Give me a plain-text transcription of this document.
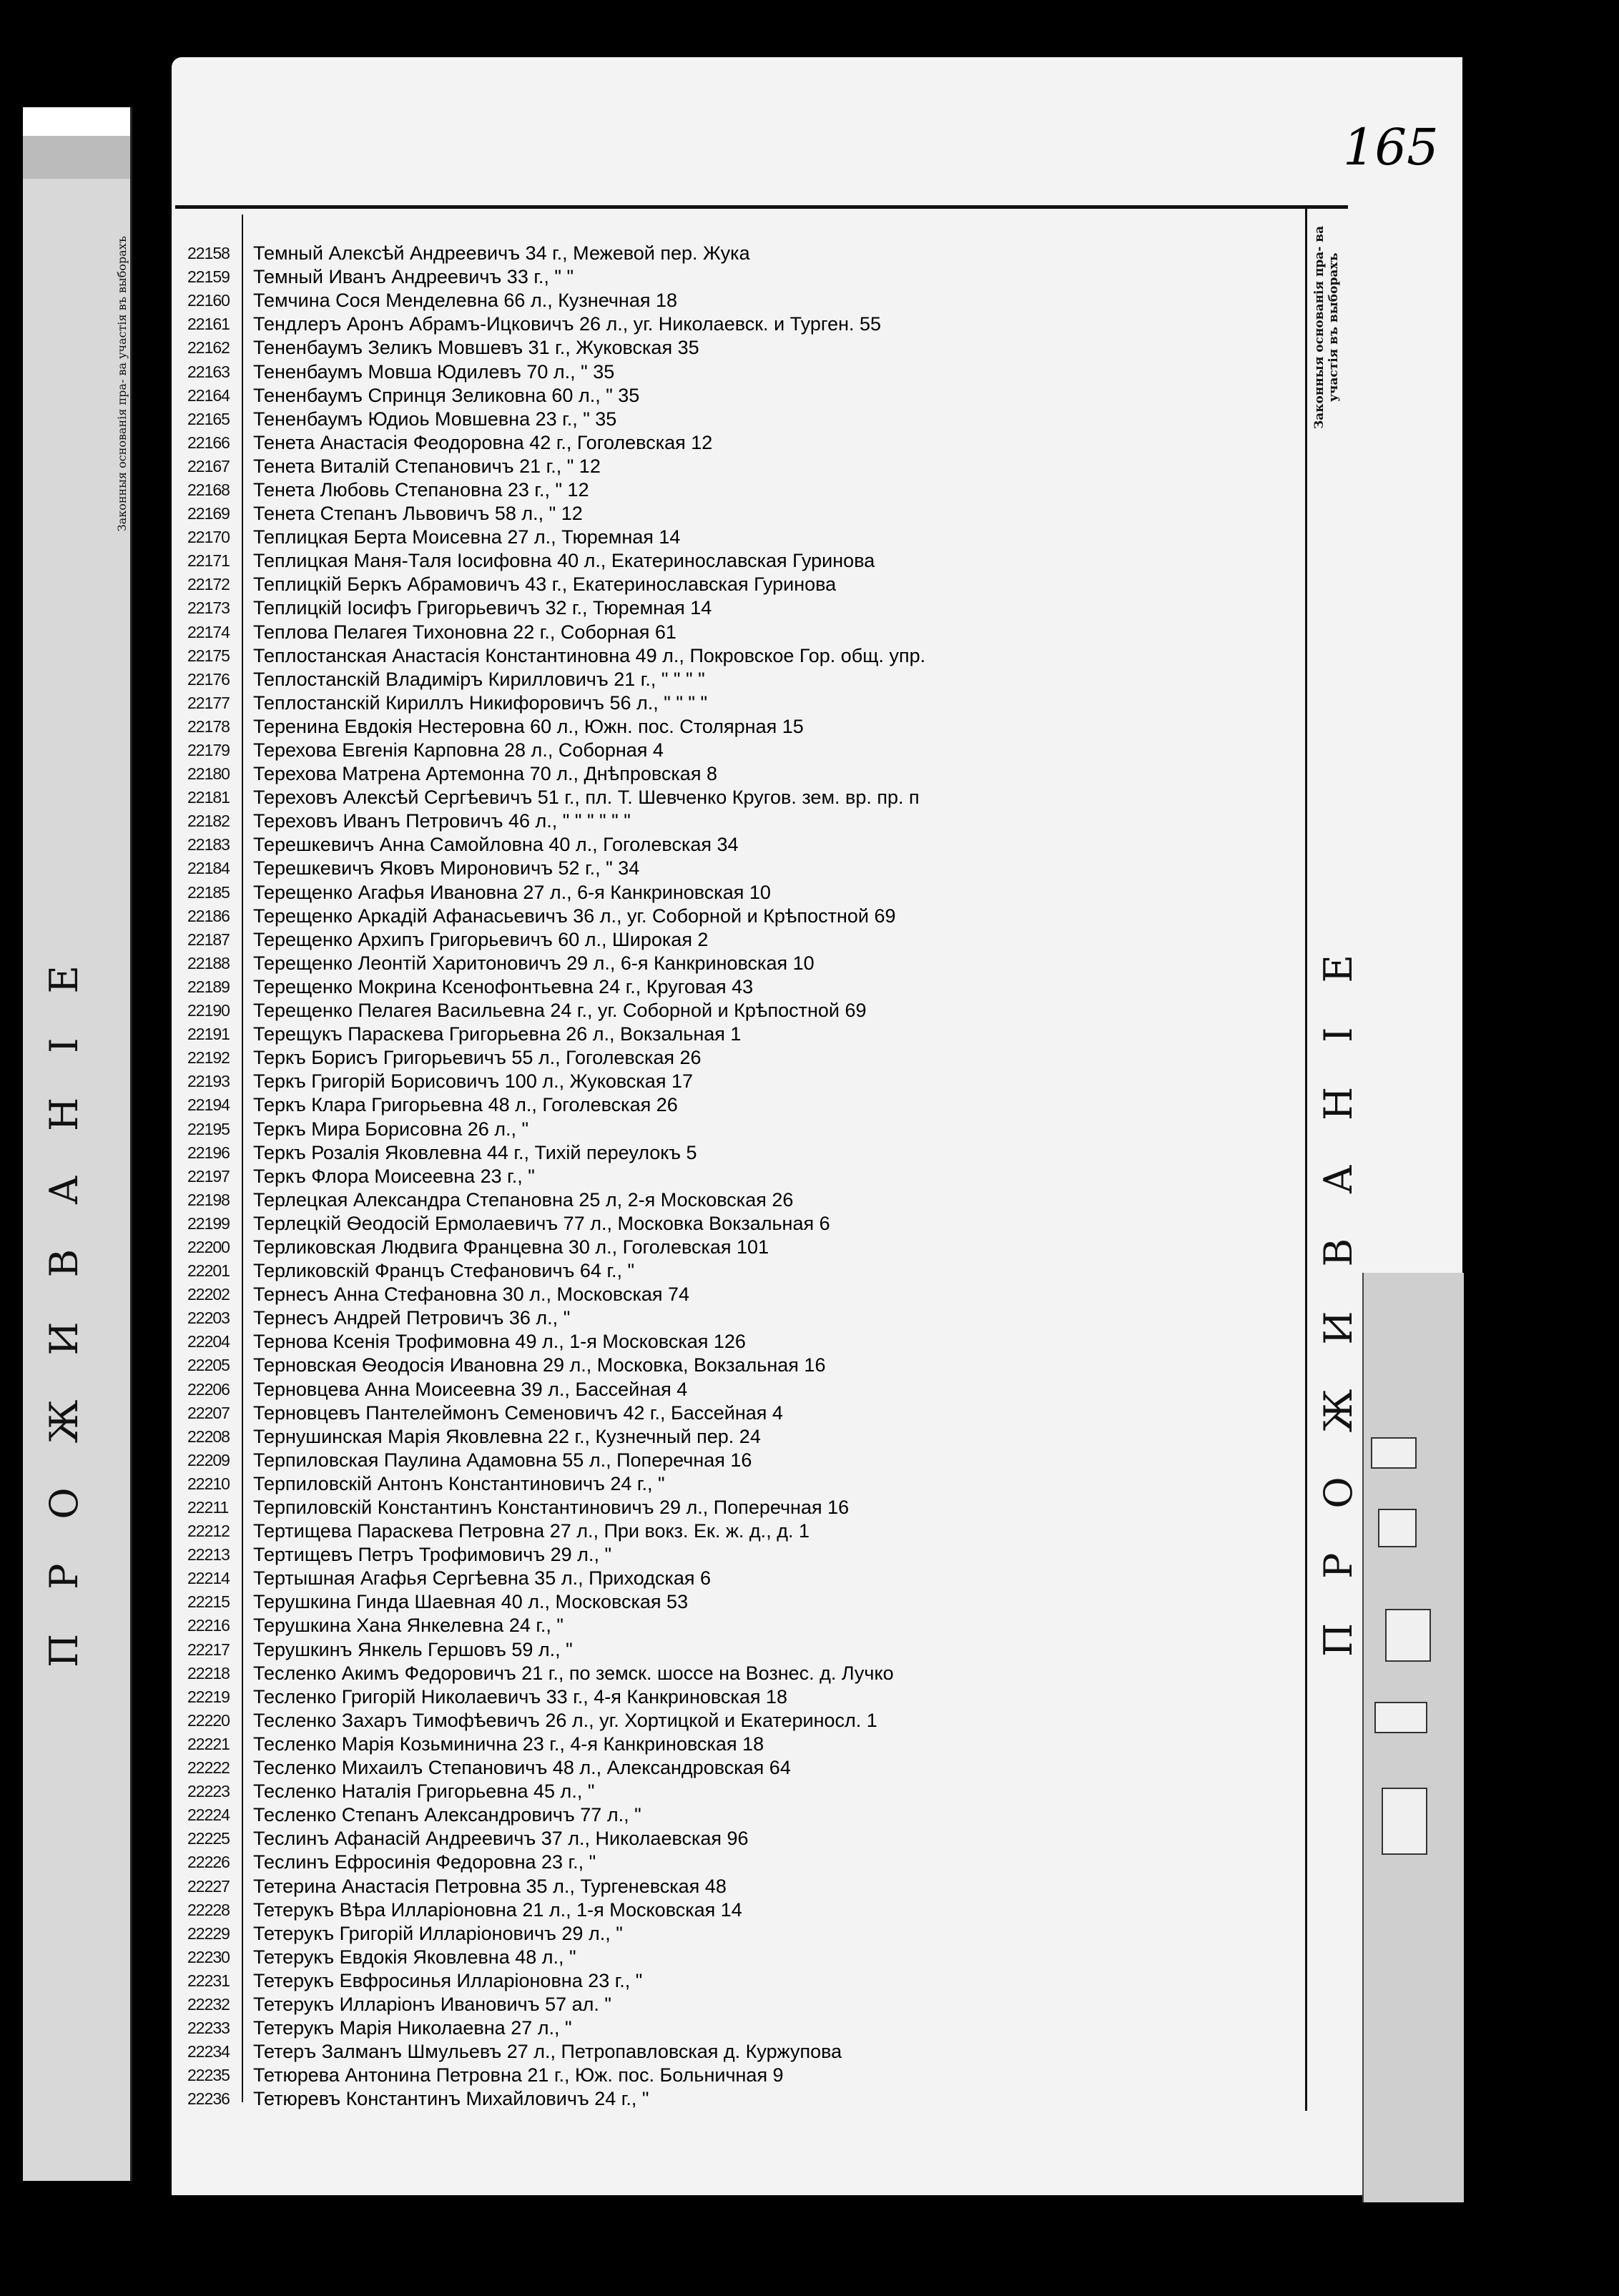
ПРОЖИВАНІЕ
Законныя основанія пра- ва участія въ выборахъ
165
22158	Темный Алексѣй Андреевичъ 34 г., Межевой пер. Жука
22159	Темный Иванъ Андреевичъ 33 г., " "
22160	Темчина Сося Менделевна 66 л., Кузнечная 18
22161	Тендлеръ Аронъ Абрамъ-Ицковичъ 26 л., уг. Николаевск. и Турген. 55
22162	Тененбаумъ Зеликъ Мовшевъ 31 г., Жуковская 35
22163	Тененбаумъ Мовша Юдилевъ 70 л., " 35
22164	Тененбаумъ Спринця Зеликовна 60 л., " 35
22165	Тененбаумъ Юдиоь Мовшевна 23 г., " 35
22166	Тенета Анастасія Феодоровна 42 г., Гоголевская 12
22167	Тенета Виталій Степановичъ 21 г., " 12
22168	Тенета Любовь Степановна 23 г., " 12
22169	Тенета Степанъ Львовичъ 58 л., " 12
22170	Теплицкая Берта Моисевна 27 л., Тюремная 14
22171	Теплицкая Маня-Таля Іосифовна 40 л., Екатеринославская Гуринова
22172	Теплицкій Беркъ Абрамовичъ 43 г., Екатеринославская Гуринова
22173	Теплицкій Іосифъ Григорьевичъ 32 г., Тюремная 14
22174	Теплова Пелагея Тихоновна 22 г., Соборная 61
22175	Теплостанская Анастасія Константиновна 49 л., Покровское Гор. общ. упр.
22176	Теплостанскій Владиміръ Кирилловичъ 21 г., " " " "
22177	Теплостанскій Кириллъ Никифоровичъ 56 л., " " " "
22178	Теренина Евдокія Нестеровна 60 л., Южн. пос. Столярная 15
22179	Терехова Евгенія Карповна 28 л., Соборная 4
22180	Терехова Матрена Артемонна 70 л., Днѣпровская 8
22181	Тереховъ Алексѣй Сергѣевичъ 51 г., пл. Т. Шевченко Кругов. зем. вр. пр. п
22182	Тереховъ Иванъ Петровичъ 46 л., " " " " " "
22183	Терешкевичъ Анна Самойловна 40 л., Гоголевская 34
22184	Терешкевичъ Яковъ Мироновичъ 52 г., " 34
22185	Терещенко Агафья Ивановна 27 л., 6-я Канкриновская 10
22186	Терещенко Аркадій Афанасьевичъ 36 л., уг. Соборной и Крѣпостной 69
22187	Терещенко Архипъ Григорьевичъ 60 л., Широкая 2
22188	Терещенко Леонтій Харитоновичъ 29 л., 6-я Канкриновская 10
22189	Терещенко Мокрина Ксенофонтьевна 24 г., Круговая 43
22190	Терещенко Пелагея Васильевна 24 г., уг. Соборной и Крѣпостной 69
22191	Терещукъ Параскева Григорьевна 26 л., Вокзальная 1
22192	Теркъ Борисъ Григорьевичъ 55 л., Гоголевская 26
22193	Теркъ Григорій Борисовичъ 100 л., Жуковская 17
22194	Теркъ Клара Григорьевна 48 л., Гоголевская 26
22195	Теркъ Мира Борисовна 26 л., "
22196	Теркъ Розалія Яковлевна 44 г., Тихій переулокъ 5
22197	Теркъ Флора Моисеевна 23 г., "
22198	Терлецкая Александра Степановна 25 л, 2-я Московская 26
22199	Терлецкій Ѳеодосій Ермолаевичъ 77 л., Московка Вокзальная 6
22200	Терликовская Людвига Францевна 30 л., Гоголевская 101
22201	Терликовскій Францъ Стефановичъ 64 г., "
22202	Тернесъ Анна Стефановна 30 л., Московская 74
22203	Тернесъ Андрей Петровичъ 36 л., "
22204	Тернова Ксенія Трофимовна 49 л., 1-я Московская 126
22205	Терновская Ѳеодосія Ивановна 29 л., Московка, Вокзальная 16
22206	Терновцева Анна Моисеевна 39 л., Бассейная 4
22207	Терновцевъ Пантелеймонъ Семеновичъ 42 г., Бассейная 4
22208	Тернушинская Марія Яковлевна 22 г., Кузнечный пер. 24
22209	Терпиловская Паулина Адамовна 55 л., Поперечная 16
22210	Терпиловскій Антонъ Константиновичъ 24 г., "
22211	Терпиловскій Константинъ Константиновичъ 29 л., Поперечная 16
22212	Тертищева Параскева Петровна 27 л., При вокз. Ек. ж. д., д. 1
22213	Тертищевъ Петръ Трофимовичъ 29 л., "
22214	Тертышная Агафья Сергѣевна 35 л., Приходская 6
22215	Терушкина Гинда Шаевная 40 л., Московская 53
22216	Терушкина Хана Янкелевна 24 г., "
22217	Терушкинъ Янкель Гершовъ 59 л., "
22218	Тесленко Акимъ Федоровичъ 21 г., по земск. шоссе на Вознес. д. Лучко
22219	Тесленко Григорій Николаевичъ 33 г., 4-я Канкриновская 18
22220	Тесленко Захаръ Тимофѣевичъ 26 л., уг. Хортицкой и Екатериносл. 1
22221	Тесленко Марія Козьминична 23 г., 4-я Канкриновская 18
22222	Тесленко Михаилъ Степановичъ 48 л., Александровская 64
22223	Тесленко Наталія Григорьевна 45 л., "
22224	Тесленко Степанъ Александровичъ 77 л., "
22225	Теслинъ Афанасій Андреевичъ 37 л., Николаевская 96
22226	Теслинъ Ефросинія Федоровна 23 г., "
22227	Тетерина Анастасія Петровна 35 л., Тургеневская 48
22228	Тетерукъ Вѣра Илларіоновна 21 л., 1-я Московская 14
22229	Тетерукъ Григорій Илларіоновичъ 29 л., "
22230	Тетерукъ Евдокія Яковлевна 48 л., "
22231	Тетерукъ Евфросинья Илларіоновна 23 г., "
22232	Тетерукъ Илларіонъ Ивановичъ 57 ал. "
22233	Тетерукъ Марія Николаевна 27 л., "
22234	Тетеръ Залманъ Шмульевъ 27 л., Петропавловская д. Куржупова
22235	Тетюрева Антонина Петровна 21 г., Юж. пос. Больничная 9
22236	Тетюревъ Константинъ Михайловичъ 24 г., "
Законныя основанія пра- ва участія въ выборахъ
ПРОЖИВАНІЕ
